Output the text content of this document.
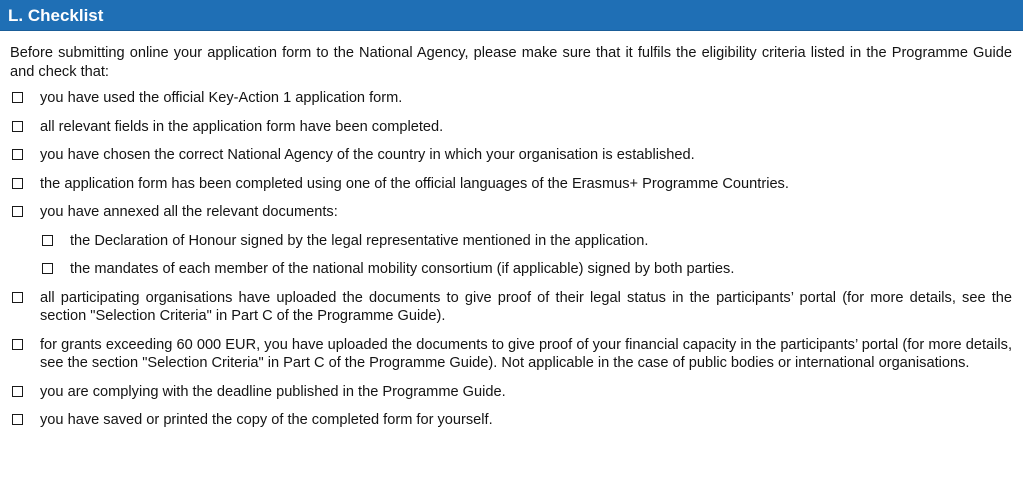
L. Checklist

Before submitting online your application form to the National Agency, please make sure that it fulfils the eligibility criteria listed in the Programme Guide and check that:

you have used the official Key-Action 1 application form.
all relevant fields in the application form have been completed.
you have chosen the correct National Agency of the country in which your organisation is established.
the application form has been completed using one of the official languages of the Erasmus+ Programme Countries.
you have annexed all the relevant documents:
the Declaration of Honour signed by the legal representative mentioned in the application.
the mandates of each member of the national mobility consortium (if applicable) signed by both parties.
all participating organisations have uploaded the documents to give proof of their legal status in the participants’ portal (for more details, see the section "Selection Criteria" in Part C of the Programme Guide).
for grants exceeding 60 000 EUR, you have uploaded the documents to give proof of your financial capacity in the participants’ portal (for more details, see the section "Selection Criteria" in Part C of the Programme Guide). Not applicable in the case of public bodies or international organisations.
you are complying with the deadline published in the Programme Guide.
you have saved or printed the copy of the completed form for yourself.
